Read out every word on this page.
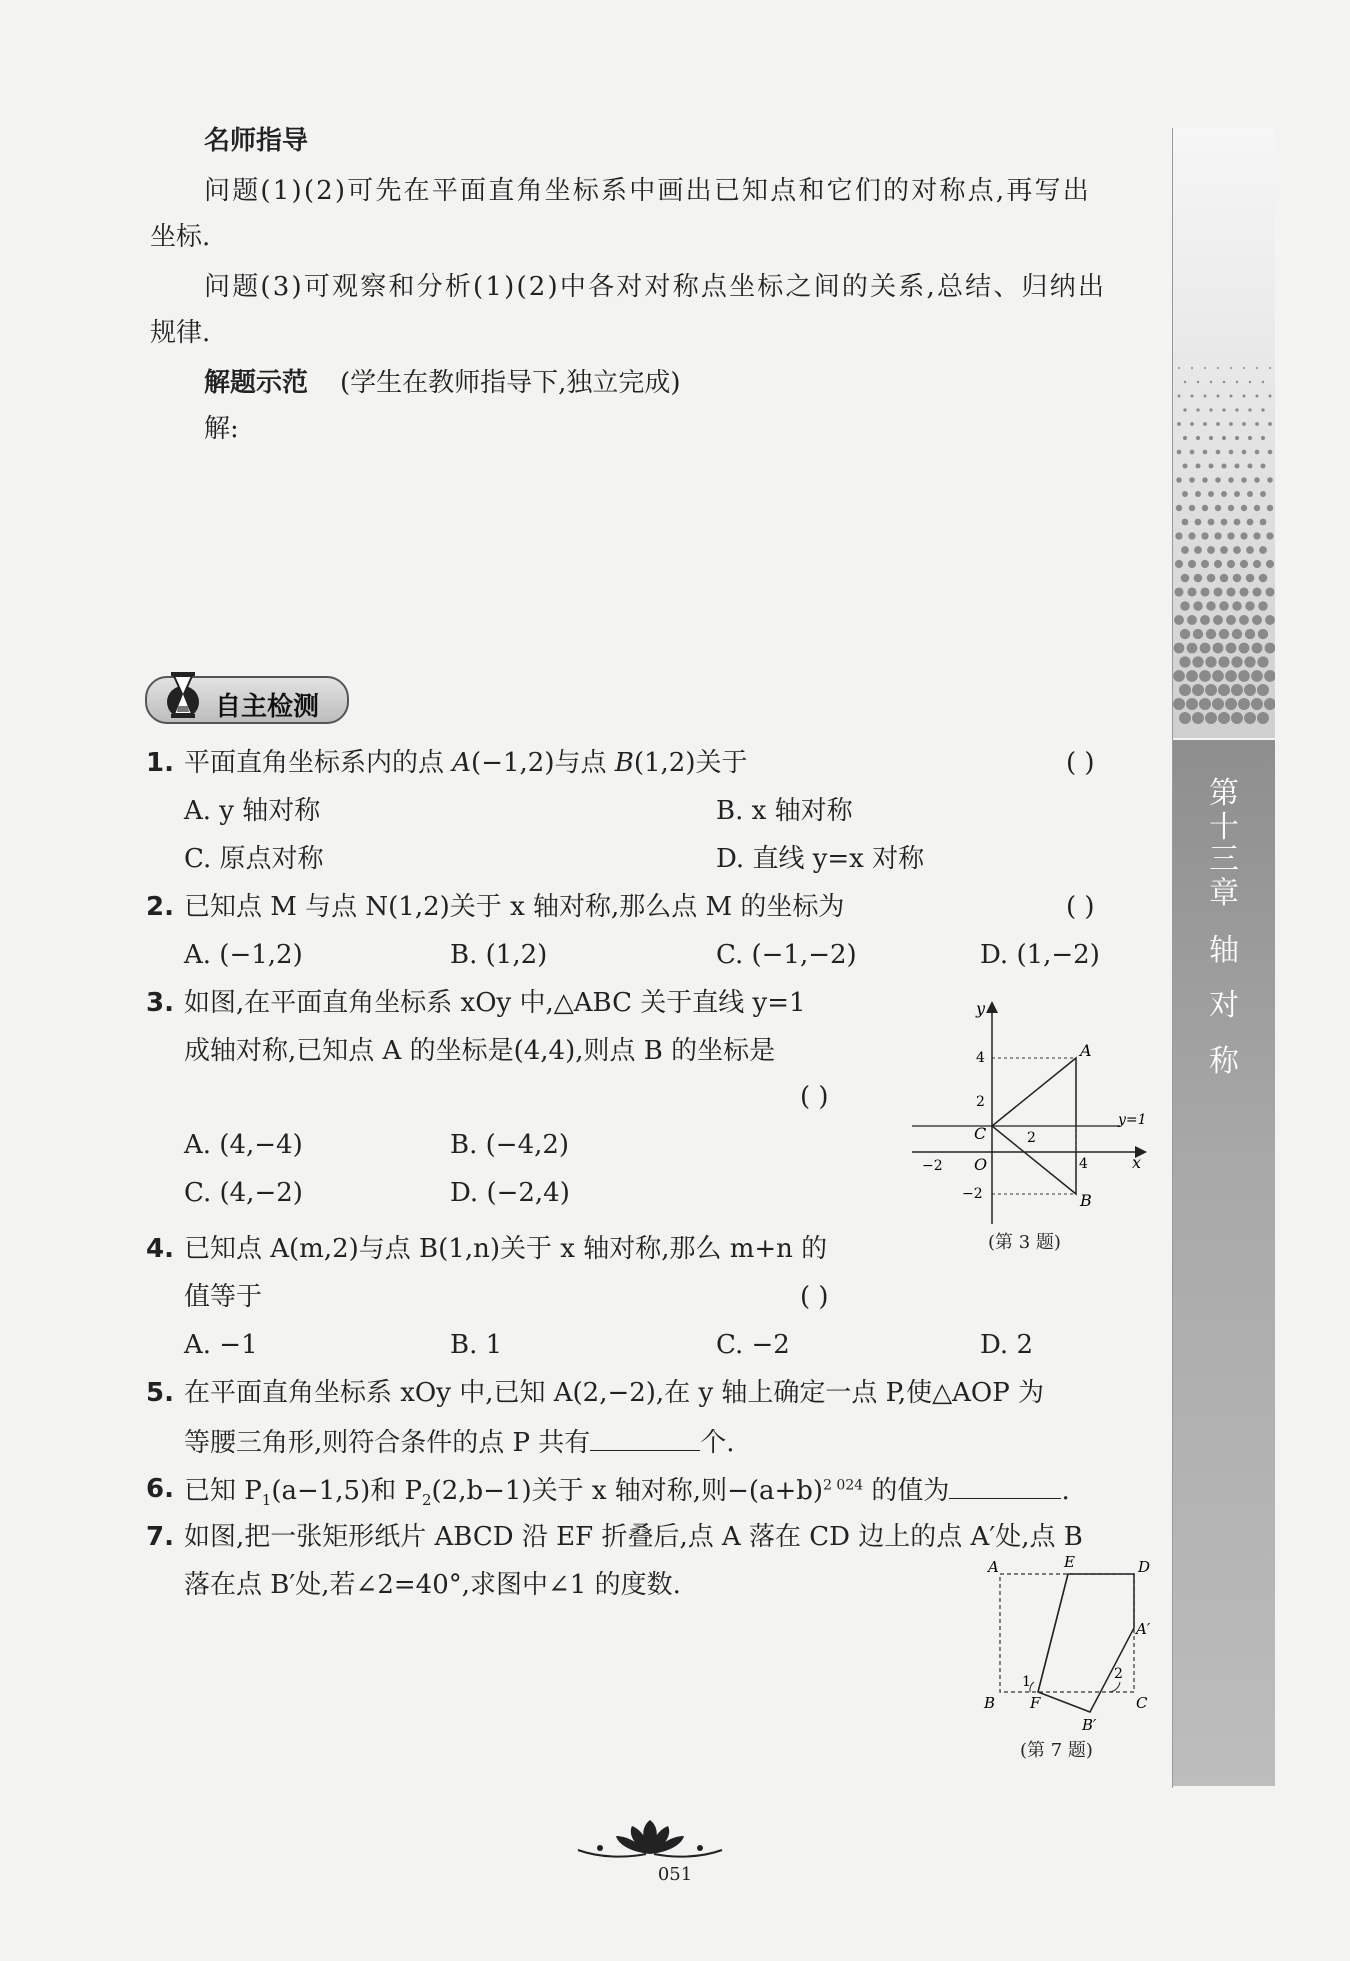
第
十
三
章
轴
对
称
名师指导
问题(1)(2)可先在平面直角坐标系中画出已知点和它们的对称点,再写出
坐标.
问题(3)可观察和分析(1)(2)中各对对称点坐标之间的关系,总结、归纳出
规律.
解题示范 (学生在教师指导下,独立完成)
解:
自主检测
1. 平面直角坐标系内的点 A(−1,2)与点 B(1,2)关于	( )
A. y 轴对称	B. x 轴对称
C. 原点对称	D. 直线 y=x 对称
2. 已知点 M 与点 N(1,2)关于 x 轴对称,那么点 M 的坐标为	( )
A. (−1,2)	B. (1,2)	C. (−1,−2)	D. (1,−2)
3. 如图,在平面直角坐标系 xOy 中,△ABC 关于直线 y=1
成轴对称,已知点 A 的坐标是(4,4),则点 B 的坐标是
( )
A. (4,−4)	B. (−4,2)
C. (4,−2)	D. (−2,4)
y
x
O
A
B
C
y=1
4
2
−2
2
4
−2
(第 3 题)
4. 已知点 A(m,2)与点 B(1,n)关于 x 轴对称,那么 m+n 的
值等于	( )
A. −1	B. 1	C. −2	D. 2
5. 在平面直角坐标系 xOy 中,已知 A(2,−2),在 y 轴上确定一点 P,使△AOP 为
等腰三角形,则符合条件的点 P 共有	个.
6. 已知 $P_1(a-1,5)$和 $P_2(2,b-1)$关于 x 轴对称,则$-(a+b)^{2 024}$ 的值为	.
7. 如图,把一张矩形纸片 ABCD 沿 EF 折叠后,点 A 落在 CD 边上的点 A′处,点 B
落在点 B′处,若∠2=40°,求图中∠1 的度数.
A	E	D
A′
B F	C
B′
1	2
(第 7 题)
051
